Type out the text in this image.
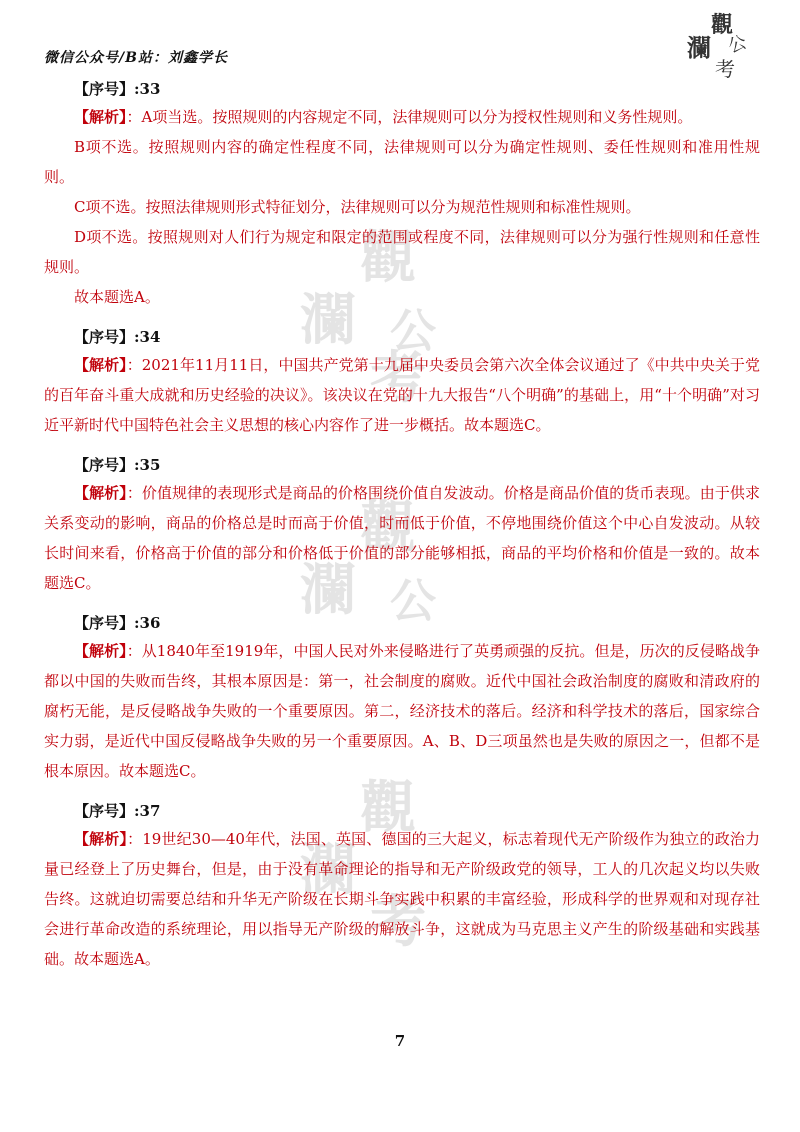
微信公众号/B站：刘鑫学长
觀
瀾 公
考
觀
瀾 公
考
觀
瀾 公
觀
瀾
考
【序号】:33

【解析】：A项当选。按照规则的内容规定不同，法律规则可以分为授权性规则和义务性规则。

B项不选。按照规则内容的确定性程度不同，法律规则可以分为确定性规则、委任性规则和准用性规则。

C项不选。按照法律规则形式特征划分，法律规则可以分为规范性规则和标准性规则。

D项不选。按照规则对人们行为规定和限定的范围或程度不同，法律规则可以分为强行性规则和任意性规则。

故本题选A。

【序号】:34

【解析】：2021年11月11日，中国共产党第十九届中央委员会第六次全体会议通过了《中共中央关于党的百年奋斗重大成就和历史经验的决议》。该决议在党的十九大报告“八个明确”的基础上，用“十个明确”对习近平新时代中国特色社会主义思想的核心内容作了进一步概括。故本题选C。

【序号】:35

【解析】：价值规律的表现形式是商品的价格围绕价值自发波动。价格是商品价值的货币表现。由于供求关系变动的影响，商品的价格总是时而高于价值，时而低于价值，不停地围绕价值这个中心自发波动。从较长时间来看，价格高于价值的部分和价格低于价值的部分能够相抵，商品的平均价格和价值是一致的。故本题选C。

【序号】:36

【解析】：从1840年至1919年，中国人民对外来侵略进行了英勇顽强的反抗。但是，历次的反侵略战争都以中国的失败而告终，其根本原因是：第一，社会制度的腐败。近代中国社会政治制度的腐败和清政府的腐朽无能，是反侵略战争失败的一个重要原因。第二，经济技术的落后。经济和科学技术的落后，国家综合实力弱，是近代中国反侵略战争失败的另一个重要原因。A、B、D三项虽然也是失败的原因之一，但都不是根本原因。故本题选C。

【序号】:37

【解析】：19世纪30—40年代，法国、英国、德国的三大起义，标志着现代无产阶级作为独立的政治力量已经登上了历史舞台，但是，由于没有革命理论的指导和无产阶级政党的领导，工人的几次起义均以失败告终。这就迫切需要总结和升华无产阶级在长期斗争实践中积累的丰富经验，形成科学的世界观和对现存社会进行革命改造的系统理论，用以指导无产阶级的解放斗争，这就成为马克思主义产生的阶级基础和实践基础。故本题选A。

7
